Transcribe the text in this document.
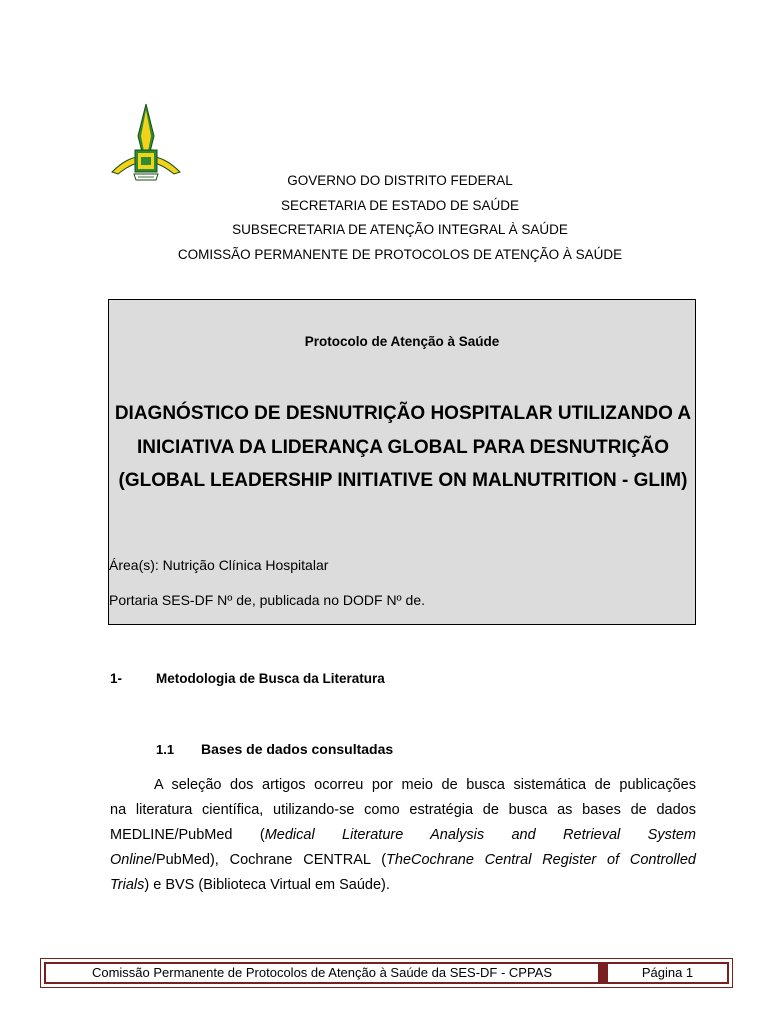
GOVERNO DO DISTRITO FEDERAL
SECRETARIA DE ESTADO DE SAÚDE
SUBSECRETARIA DE ATENÇÃO INTEGRAL À SAÚDE
COMISSÃO PERMANENTE DE PROTOCOLOS DE ATENÇÃO À SAÚDE
Protocolo de Atenção à Saúde
DIAGNÓSTICO DE DESNUTRIÇÃO HOSPITALAR UTILIZANDO A INICIATIVA DA LIDERANÇA GLOBAL PARA DESNUTRIÇÃO (GLOBAL LEADERSHIP INITIATIVE ON MALNUTRITION - GLIM)
Área(s): Nutrição Clínica Hospitalar
Portaria SES-DF Nº de, publicada no DODF Nº de.
1-	Metodologia de Busca da Literatura
1.1 Bases de dados consultadas
A seleção dos artigos ocorreu por meio de busca sistemática de publicações
na literatura científica, utilizando-se como estratégia de busca as bases de dados
MEDLINE/PubMed (Medical Literature Analysis and Retrieval System
Online/PubMed), Cochrane CENTRAL (TheCochrane Central Register of Controlled
Trials) e BVS (Biblioteca Virtual em Saúde).
Comissão Permanente de Protocolos de Atenção à Saúde da SES-DF - CPPAS	Página 1
